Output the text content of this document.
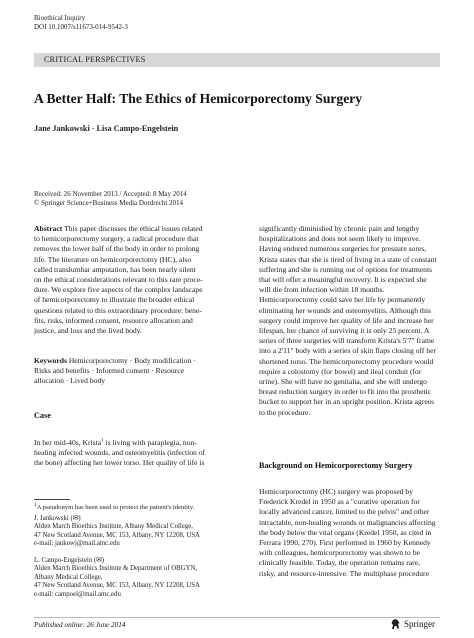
Bioethical Inquiry
DOI 10.1007/s11673-014-9542-3
CRITICAL PERSPECTIVES
A Better Half: The Ethics of Hemicorporectomy Surgery
Jane Jankowski · Lisa Campo-Engelstein
Received: 26 November 2013 / Accepted: 8 May 2014
© Springer Science+Business Media Dordrecht 2014

Abstract This paper discusses the ethical issues related

to hemicorporectomy surgery, a radical procedure that

removes the lower half of the body in order to prolong

life. The literature on hemicorporectomy (HC), also

called translumbar amputation, has been nearly silent

on the ethical considerations relevant to this rare proce-

dure. We explore five aspects of the complex landscape

of hemicorporectomy to illustrate the broader ethical

questions related to this extraordinary procedure: bene-

fits, risks, informed consent, resource allocation and

justice, and loss and the lived body.

Keywords Hemicorporectomy · Body modification ·

Risks and benefits · Informed consent · Resource

allocation · Lived body

Case

In her mid-40s, Krista$^1$ is living with paraplegia, non-

healing infected wounds, and osteomyelitis (infection of

the bone) affecting her lower torso. Her quality of life is

$^1$A pseudonym has been used to protect the patient's identity.
J. Jankowski (✉)
Alden March Bioethics Institute, Albany Medical College,
47 New Scotland Avenue, MC 153, Albany, NY 12208, USA
e-mail: jankowj@mail.amc.edu
L. Campo-Engelstein (✉)
Alden March Bioethics Institute & Department of OBGYN,
Albany Medical College,
47 New Scotland Avenue, MC 153, Albany, NY 12208, USA
e-mail: campoel@mail.amc.edu

significantly diminished by chronic pain and lengthy

hospitalizations and does not seem likely to improve.

Having endured numerous surgeries for pressure sores,

Krista states that she is tired of living in a state of constant

suffering and she is running out of options for treatments

that will offer a meaningful recovery. It is expected she

will die from infection within 18 months.

Hemicorporectomy could save her life by permanently

eliminating her wounds and osteomyelitis. Although this

surgery could improve her quality of life and increase her

lifespan, her chance of surviving it is only 25 percent. A

series of three surgeries will transform Krista's 5'7" frame

into a 2'11" body with a series of skin flaps closing off her

shortened torso. The hemicorporectomy procedure would

require a colostomy (for bowel) and ileal conduit (for

urine). She will have no genitalia, and she will undergo

breast reduction surgery in order to fit into the prosthetic

bucket to support her in an upright position. Krista agrees

to the procedure.

Background on Hemicorporectomy Surgery

Hemicorporectomy (HC) surgery was proposed by

Frederick Kredel in 1950 as a "curative operation for

locally advanced cancer, limited to the pelvis" and other

intractable, non-healing wounds or malignancies affecting

the body below the vital organs (Kredel 1950, as cited in

Ferrara 1990, 270). First performed in 1960 by Kennedy

with colleagues, hemicorporectomy was shown to be

clinically feasible. Today, the operation remains rare,

risky, and resource-intensive. The multiphase procedure

Published online: 26 June 2014	Springer
